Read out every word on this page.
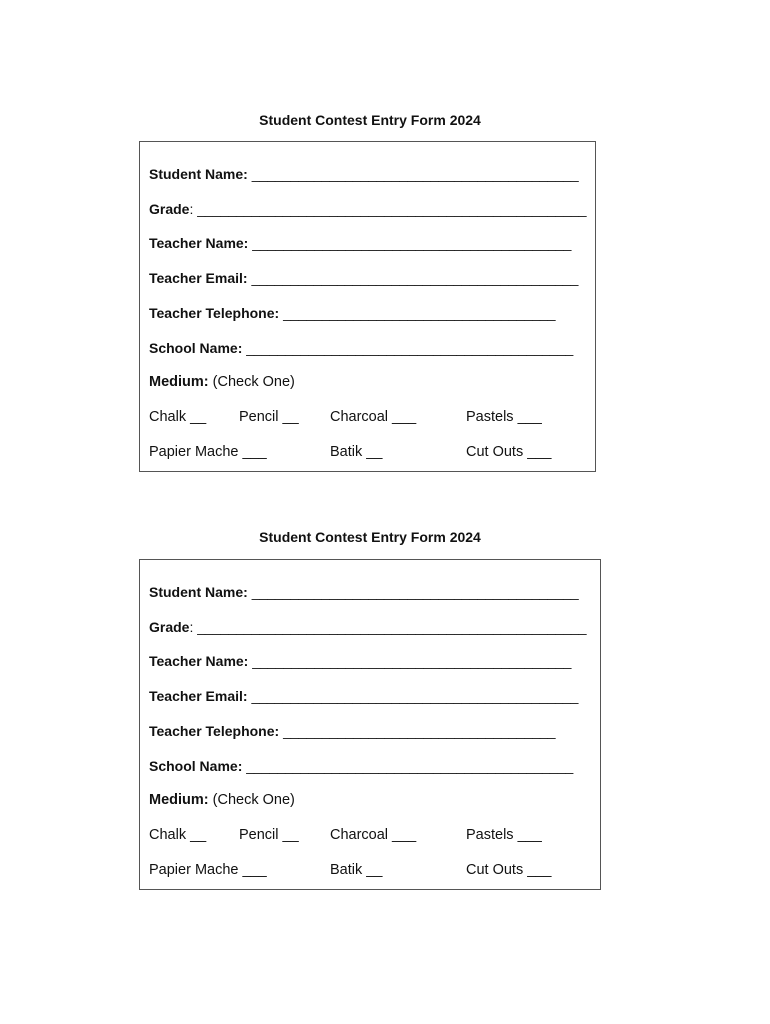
Student Contest Entry Form 2024
Student Name: __________________________________________
Grade: __________________________________________________
Teacher Name: _________________________________________
Teacher Email: __________________________________________
Teacher Telephone: ___________________________________
School Name: __________________________________________
Medium: (Check One)
Chalk __ Pencil __ Charcoal ___	Pastels ___
Papier Mache ___	Batik __	Cut Outs ___
Student Contest Entry Form 2024
Student Name: __________________________________________
Grade: __________________________________________________
Teacher Name: _________________________________________
Teacher Email: __________________________________________
Teacher Telephone: ___________________________________
School Name: __________________________________________
Medium: (Check One)
Chalk __ Pencil __ Charcoal ___	Pastels ___
Papier Mache ___	Batik __	Cut Outs ___
